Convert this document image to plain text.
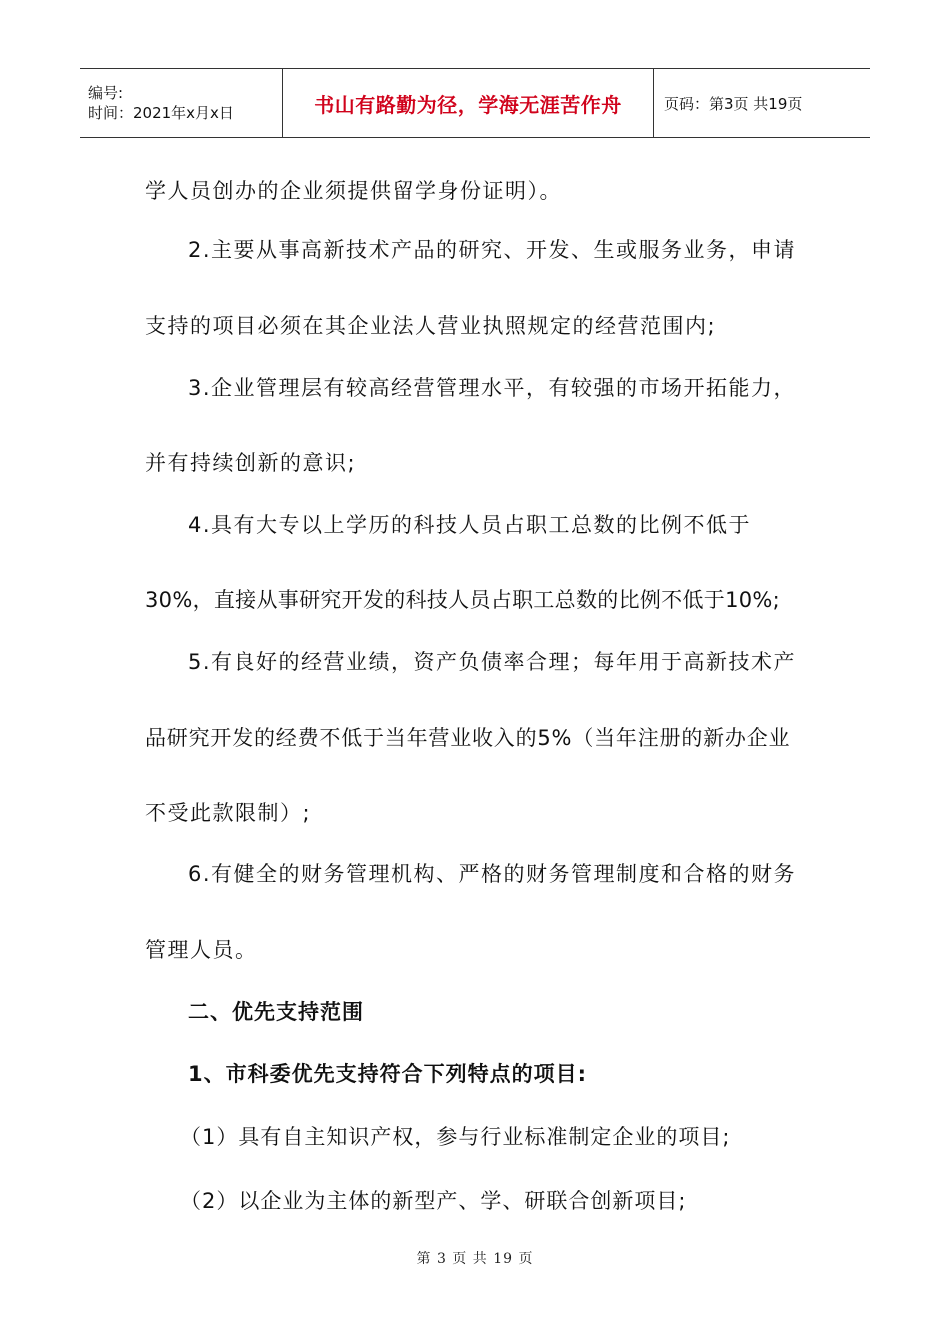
编号:
时间：2021年x月x日	书山有路勤为径，学海无涯苦作舟	页码：第3页 共19页
学人员创办的企业须提供留学身份证明）。
2.主要从事高新技术产品的研究、开发、生或服务业务，申请
支持的项目必须在其企业法人营业执照规定的经营范围内;
3.企业管理层有较高经营管理水平，有较强的市场开拓能力，
并有持续创新的意识;
4.具有大专以上学历的科技人员占职工总数的比例不低于
30%，直接从事研究开发的科技人员占职工总数的比例不低于10%;
5.有良好的经营业绩，资产负债率合理；每年用于高新技术产
品研究开发的经费不低于当年营业收入的5%（当年注册的新办企业
不受此款限制）;
6.有健全的财务管理机构、严格的财务管理制度和合格的财务
管理人员。
二、优先支持范围
1、市科委优先支持符合下列特点的项目:
（1）具有自主知识产权，参与行业标准制定企业的项目;
（2）以企业为主体的新型产、学、研联合创新项目;
第 3 页 共 19 页
